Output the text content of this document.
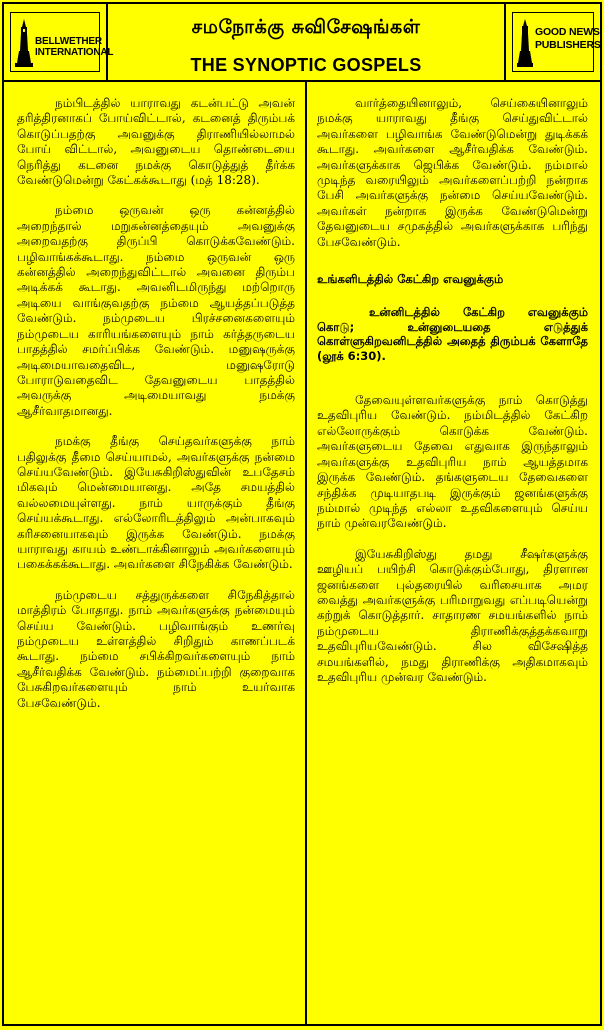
BELLWETHER INTERNATIONAL
சமநோக்கு சுவிசேஷங்கள்
THE SYNOPTIC GOSPELS
GOOD NEWS PUBLISHERS

நம்பிடத்தில் யாராவது கடன்பட்டு அவன் தரித்திரனாகப் போய்விட்டால், கடனைத் திரும்பக் கொடுப்பதற்கு அவனுக்கு திராணியில்லாமல் போய் விட்டால், அவனுடைய தொண்டையை நெரித்து கடனை நமக்கு கொடுத்துத் தீர்க்க வேண்டுமென்று கேட்கக்கூடாது (மத் 18:28).

நம்மை ஒருவன் ஒரு கன்னத்தில் அறைந்தால் மறுகன்னத்தையும் அவனுக்கு அறைவதற்கு திருப்பி கொடுக்கவேண்டும். பழிவாங்கக்கூடாது. நம்மை ஒருவன் ஒரு கன்னத்தில் அறைந்துவிட்டால் அவனை திரும்ப அடிக்கக் கூடாது. அவனிடமிருந்து மற்றொரு அடியை வாங்குவதற்கு நம்மை ஆயத்தப்படுத்த வேண்டும். நம்முடைய பிரச்சனைகளையும் நம்முடைய காரியங்களையும் நாம் கர்த்தருடைய பாதத்தில் சமர்ப்பிக்க வேண்டும். மனுஷருக்கு அடிமையாவதைவிட, மனுஷரோடு போராடுவதைவிட தேவனுடைய பாதத்தில் அவருக்கு அடிமையாவது நமக்கு ஆசீர்வாதமானது.

நமக்கு தீங்கு செய்தவர்களுக்கு நாம் பதிலுக்கு தீமை செய்யாமல், அவர்களுக்கு நன்மை செய்யவேண்டும். இயேசுகிறிஸ்துவின் உபதேசம் மிகவும் மென்மையானது. அதே சமயத்தில் வல்லமையுள்ளது. நாம் யாருக்கும் தீங்கு செய்யக்கூடாது. எல்லோரிடத்திலும் அன்பாகவும் கரிசனையாகவும் இருக்க வேண்டும். நமக்கு யாராவது காயம் உண்டாக்கினாலும் அவர்களையும் பகைக்கக்கூடாது. அவர்களை சிநேகிக்க வேண்டும்.

நம்முடைய சத்துருக்களை சிநேகித்தால் மாத்திரம் போதாது. நாம் அவர்களுக்கு நன்மையும் செய்ய வேண்டும். பழிவாங்கும் உணர்வு நம்முடைய உள்ளத்தில் சிறிதும் காணப்படக் கூடாது. நம்மை சபிக்கிறவர்களையும் நாம் ஆசீர்வதிக்க வேண்டும். நம்மைப்பற்றி குறைவாக பேசுகிறவர்களையும் நாம் உயர்வாக பேசவேண்டும்.

வார்த்தையினாலும், செய்கையினாலும் நமக்கு யாராவது தீங்கு செய்துவிட்டால் அவர்களை பழிவாங்க வேண்டுமென்று துடிக்கக் கூடாது. அவர்களை ஆசீர்வதிக்க வேண்டும். அவர்களுக்காக ஜெபிக்க வேண்டும். நம்மால் முடிந்த வரையிலும் அவர்களைப்பற்றி நன்றாக பேசி அவர்களுக்கு நன்மை செய்யவேண்டும். அவர்கள் நன்றாக இருக்க வேண்டுமென்று தேவனுடைய சமுகத்தில் அவர்களுக்காக பரிந்து பேசவேண்டும்.

உங்களிடத்தில் கேட்கிற எவனுக்கும்
உன்னிடத்தில் கேட்கிற எவனுக்கும் கொடு; உன்னுடையதை எடுத்துக் கொள்ளுகிறவனிடத்தில் அதைத் திரும்பக் கேளாதே (லூக் 6:30).

தேவையுள்ளவர்களுக்கு நாம் கொடுத்து உதவிபுரிய வேண்டும். நம்மிடத்தில் கேட்கிற எல்லோருக்கும் கொடுக்க வேண்டும். அவர்களுடைய தேவை எதுவாக இருந்தாலும் அவர்களுக்கு உதவிபுரிய நாம் ஆயத்தமாக இருக்க வேண்டும். தங்களுடைய தேவைகளை சந்திக்க முடியாதபடி இருக்கும் ஜனங்களுக்கு நம்மால் முடிந்த எல்லா உதவிகளையும் செய்ய நாம் முன்வரவேண்டும்.

இயேசுகிறிஸ்து தமது சீஷர்களுக்கு ஊழியப் பயிற்சி கொடுக்கும்போது, திரளான ஜனங்களை புல்தரையில் வரிசையாக அமர வைத்து அவர்களுக்கு பரிமாறுவது எப்படியென்று கற்றுக் கொடுத்தார். சாதாரண சமயங்களில் நாம் நம்முடைய திராணிக்குத்தக்கவாறு உதவிபுரியவேண்டும். சில விசேஷித்த சமயங்களில், நமது திராணிக்கு அதிகமாகவும் உதவிபுரிய முன்வர வேண்டும்.
